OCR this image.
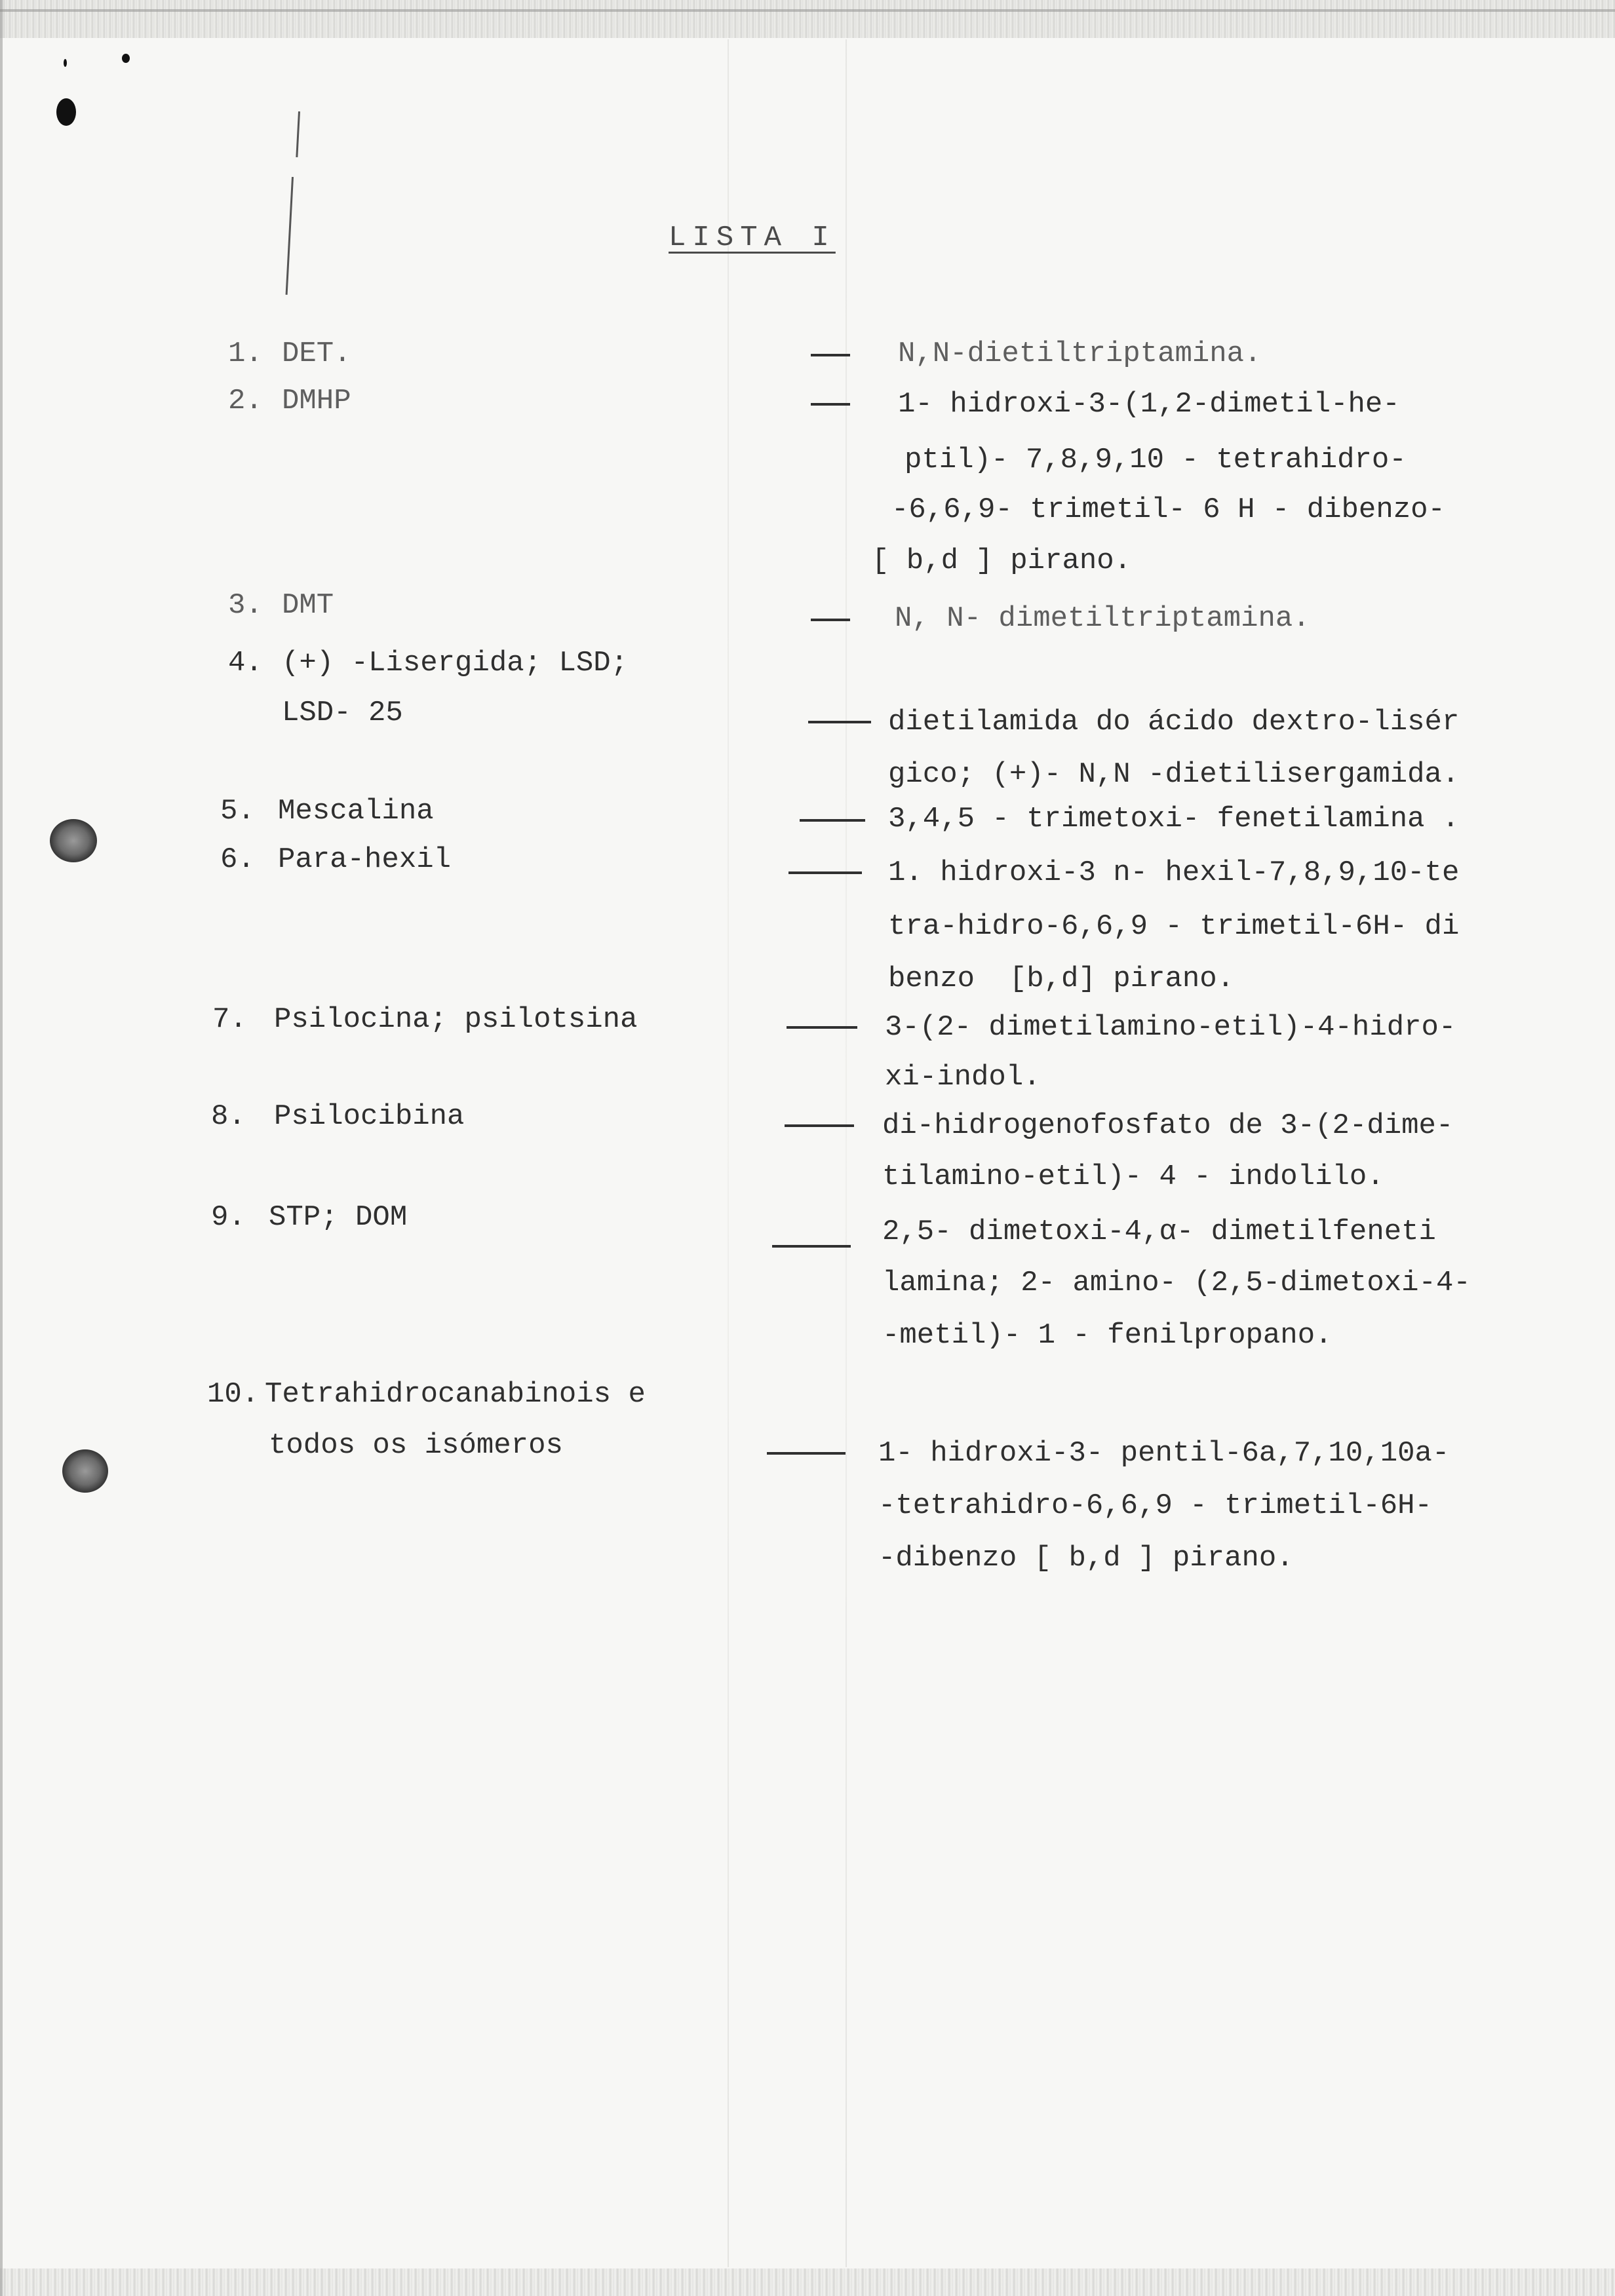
LISTA I
1. DET.	N,N-dietiltriptamina.
2. DMHP	1- hidroxi-3-(1,2-dimetil-he-
ptil)- 7,8,9,10 - tetrahidro-
-6,6,9- trimetil- 6 H - dibenzo-
[ b,d ] pirano.
3. DMT	N, N- dimetiltriptamina.
4. (+) -Lisergida; LSD;
LSD- 25	dietilamida do ácido dextro-lisér
gico; (+)- N,N -dietilisergamida.
5. Mescalina	3,4,5 - trimetoxi- fenetilamina .
6. Para-hexil	1. hidroxi-3 n- hexil-7,8,9,10-te
tra-hidro-6,6,9 - trimetil-6H- di
benzo  [b,d] pirano.
7. Psilocina; psilotsina	3-(2- dimetilamino-etil)-4-hidro-
xi-indol.
8. Psilocibina	di-hidrogenofosfato de 3-(2-dime-
tilamino-etil)- 4 - indolilo.
9. STP; DOM	2,5- dimetoxi-4,α- dimetilfeneti
lamina; 2- amino- (2,5-dimetoxi-4-
-metil)- 1 - fenilpropano.
10. Tetrahidrocanabinois e
todos os isómeros	1- hidroxi-3- pentil-6a,7,10,10a-
-tetrahidro-6,6,9 - trimetil-6H-
-dibenzo [ b,d ] pirano.
